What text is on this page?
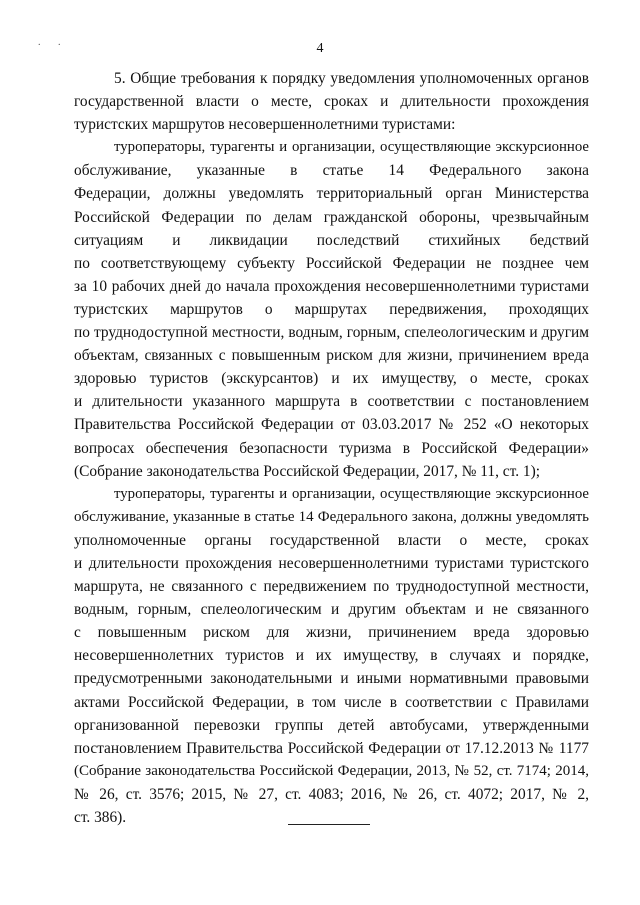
. .	4

5. Общие требования к порядку уведомления уполномоченных органов
государственной власти о месте, сроках и длительности прохождения
туристских маршрутов несовершеннолетними туристами:

туроператоры, турагенты и организации, осуществляющие экскурсионное
обслуживание, указанные в статье 14 Федерального закона
Федерации, должны уведомлять территориальный орган Министерства
Российской Федерации по делам гражданской обороны, чрезвычайным
ситуациям и ликвидации последствий стихийных бедствий
по соответствующему субъекту Российской Федерации не позднее чем
за 10 рабочих дней до начала прохождения несовершеннолетними туристами
туристских маршрутов о маршрутах передвижения, проходящих
по труднодоступной местности, водным, горным, спелеологическим и другим
объектам, связанных с повышенным риском для жизни, причинением вреда
здоровью туристов (экскурсантов) и их имуществу, о месте, сроках
и длительности указанного маршрута в соответствии с постановлением
Правительства Российской Федерации от 03.03.2017 № 252 «О некоторых
вопросах обеспечения безопасности туризма в Российской Федерации»
(Собрание законодательства Российской Федерации, 2017, № 11, ст. 1);

туроператоры, турагенты и организации, осуществляющие экскурсионное
обслуживание, указанные в статье 14 Федерального закона, должны уведомлять
уполномоченные органы государственной власти о месте, сроках
и длительности прохождения несовершеннолетними туристами туристского
маршрута, не связанного с передвижением по труднодоступной местности,
водным, горным, спелеологическим и другим объектам и не связанного
с повышенным риском для жизни, причинением вреда здоровью
несовершеннолетних туристов и их имуществу, в случаях и порядке,
предусмотренными законодательными и иными нормативными правовыми
актами Российской Федерации, в том числе в соответствии с Правилами
организованной перевозки группы детей автобусами, утвержденными
постановлением Правительства Российской Федерации от 17.12.2013 № 1177
(Собрание законодательства Российской Федерации, 2013, № 52, ст. 7174; 2014,
№ 26, ст. 3576; 2015, № 27, ст. 4083; 2016, № 26, ст. 4072; 2017, № 2,
ст. 386).
